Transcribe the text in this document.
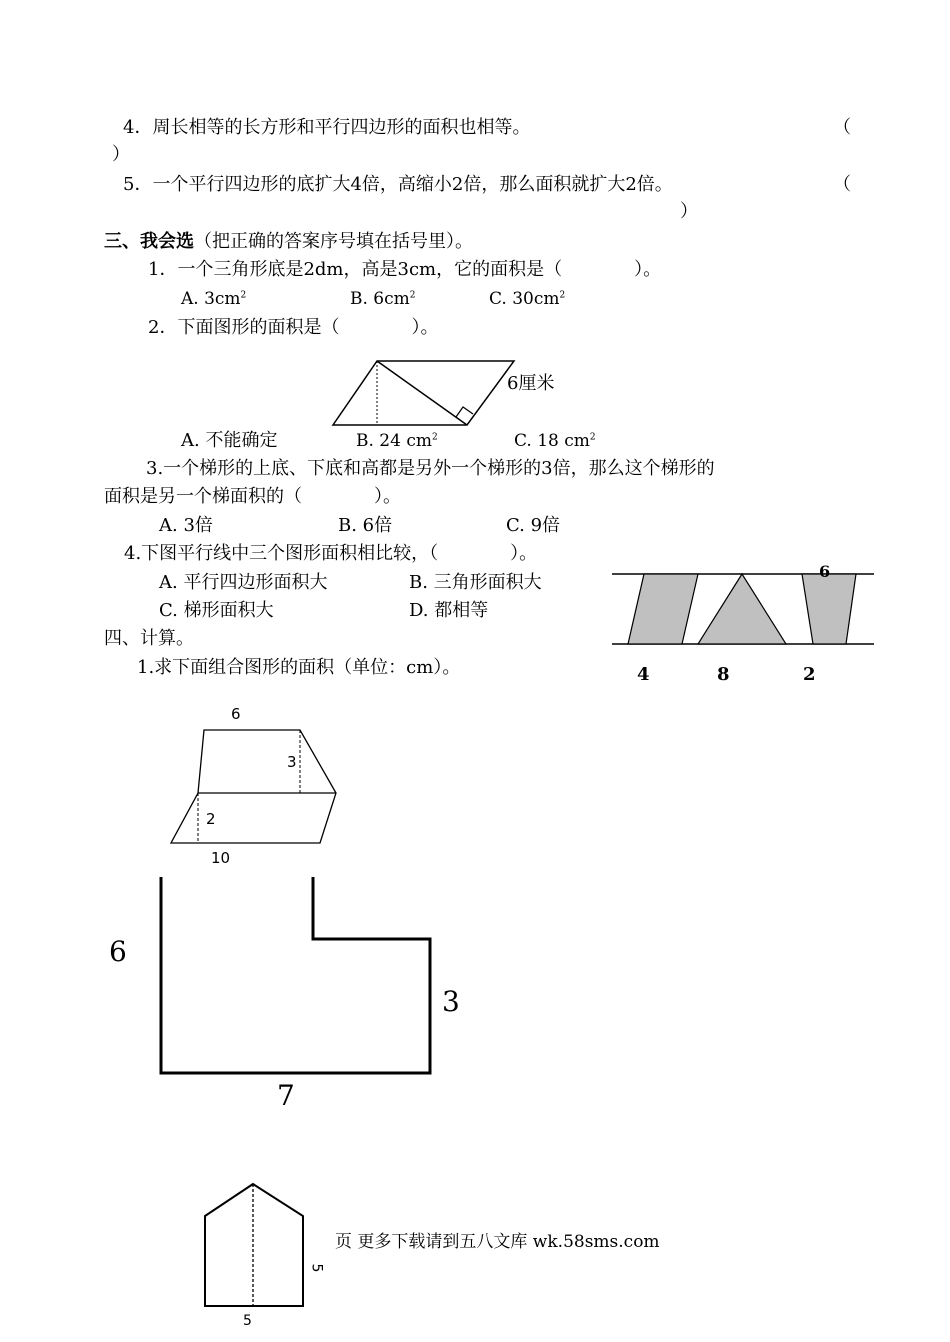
4．周长相等的长方形和平行四边形的面积也相等。	（
）
5．一个平行四边形的底扩大4倍，高缩小2倍，那么面积就扩大2倍。	（
）
三、我会选（把正确的答案序号填在括号里）。
1．一个三角形底是2dm，高是3cm，它的面积是（　　　　）。
A. $3cm^2$	B. $6cm^2$	C. $30cm^2$
2．下面图形的面积是（　　　　）。
6厘米
A. 不能确定	B. 24 $cm^2$	C. 18 $cm^2$
3.一个梯形的上底、下底和高都是另外一个梯形的3倍，那么这个梯形的
面积是另一个梯面积的（　　　　）。
A. 3倍	B. 6倍	C. 9倍
4.下图平行线中三个图形面积相比较，（　　　　）。
A. 平行四边形面积大	B. 三角形面积大
C. 梯形面积大	D. 都相等
6
4	8	2
四、计算。
1.求下面组合图形的面积（单位：cm）。
6
3
2
10
6
3
7
5
5
页 更多下载请到五八文库 wk.58sms.com
